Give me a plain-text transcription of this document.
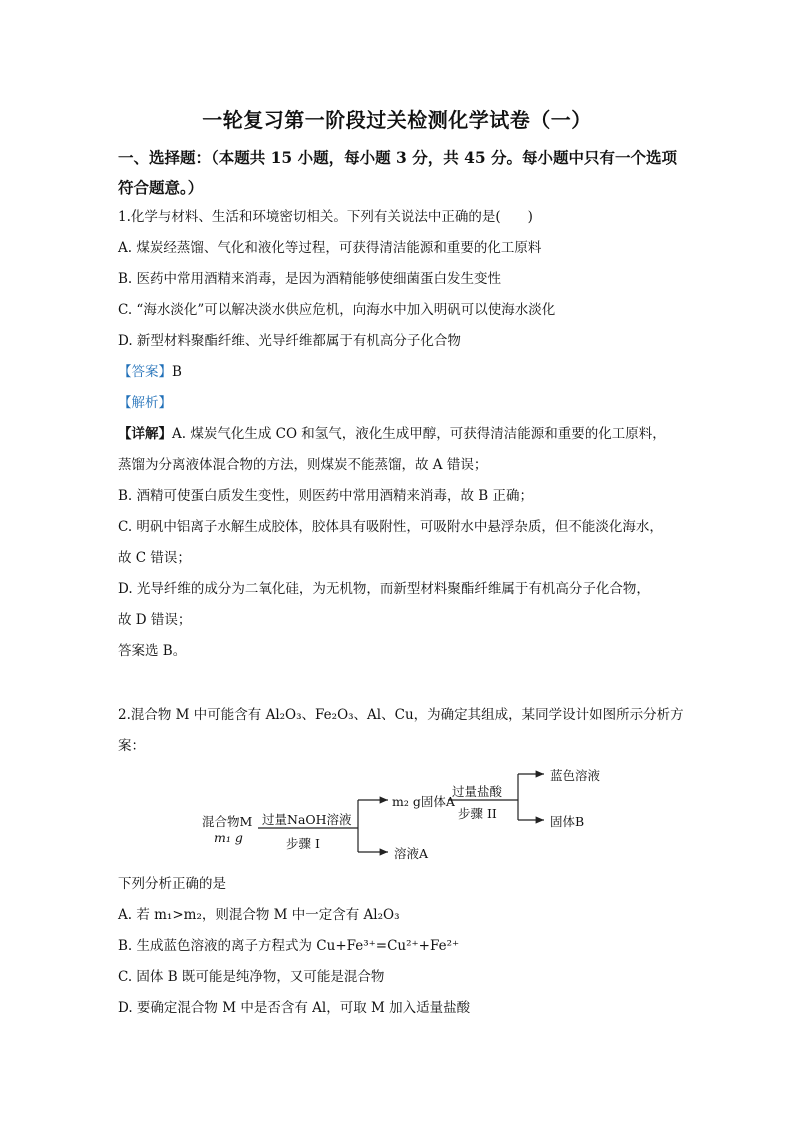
一轮复习第一阶段过关检测化学试卷（一）
一、选择题：（本题共 15 小题，每小题 3 分，共 45 分。每小题中只有一个选项
符合题意。）
1.化学与材料、生活和环境密切相关。下列有关说法中正确的是(　　)
A. 煤炭经蒸馏、气化和液化等过程，可获得清洁能源和重要的化工原料
B. 医药中常用酒精来消毒，是因为酒精能够使细菌蛋白发生变性
C. “海水淡化”可以解决淡水供应危机，向海水中加入明矾可以使海水淡化
D. 新型材料聚酯纤维、光导纤维都属于有机高分子化合物
【答案】B
【解析】
【详解】A. 煤炭气化生成 CO 和氢气，液化生成甲醇，可获得清洁能源和重要的化工原料，
蒸馏为分离液体混合物的方法，则煤炭不能蒸馏，故 A 错误；
B. 酒精可使蛋白质发生变性，则医药中常用酒精来消毒，故 B 正确；
C. 明矾中铝离子水解生成胶体，胶体具有吸附性，可吸附水中悬浮杂质，但不能淡化海水，
故 C 错误；
D. 光导纤维的成分为二氧化硅，为无机物，而新型材料聚酯纤维属于有机高分子化合物，
故 D 错误；
答案选 B。
2.混合物 M 中可能含有 Al₂O₃、Fe₂O₃、Al、Cu，为确定其组成，某同学设计如图所示分析方
案：
混合物M
m₁ g
过量NaOH溶液
步骤 I
m₂ g固体A
溶液A
过量盐酸
步骤 II
蓝色溶液
固体B
下列分析正确的是
A. 若 m₁>m₂，则混合物 M 中一定含有 Al₂O₃
B. 生成蓝色溶液的离子方程式为 Cu+Fe³⁺=Cu²⁺+Fe²⁺
C. 固体 B 既可能是纯净物，又可能是混合物
D. 要确定混合物 M 中是否含有 Al，可取 M 加入适量盐酸
